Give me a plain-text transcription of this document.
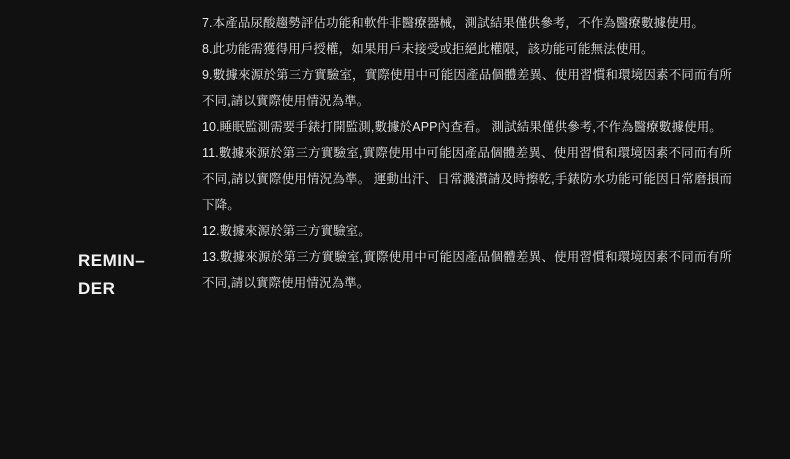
REMIN–
DER

7.本產品尿酸趨勢評估功能和軟件非醫療器械，測試結果僅供參考，不作為醫療數據使用。

8.此功能需獲得用戶授權，如果用戶未接受或拒絕此權限，該功能可能無法使用。

9.數據來源於第三方實驗室，實際使用中可能因產品個體差異、使用習慣和環境因素不同而有所不同,請以實際使用情況為準。

10.睡眠監測需要手錶打開監測,數據於APP內查看。 測試結果僅供參考,不作為醫療數據使用。

11.數據來源於第三方實驗室,實際使用中可能因產品個體差異、使用習慣和環境因素不同而有所不同,請以實際使用情況為準。 運動出汗、日常濺濽請及時擦乾,手錶防水功能可能因日常磨損而下降。

12.數據來源於第三方實驗室。

13.數據來源於第三方實驗室,實際使用中可能因產品個體差異、使用習慣和環境因素不同而有所不同,請以實際使用情況為準。
